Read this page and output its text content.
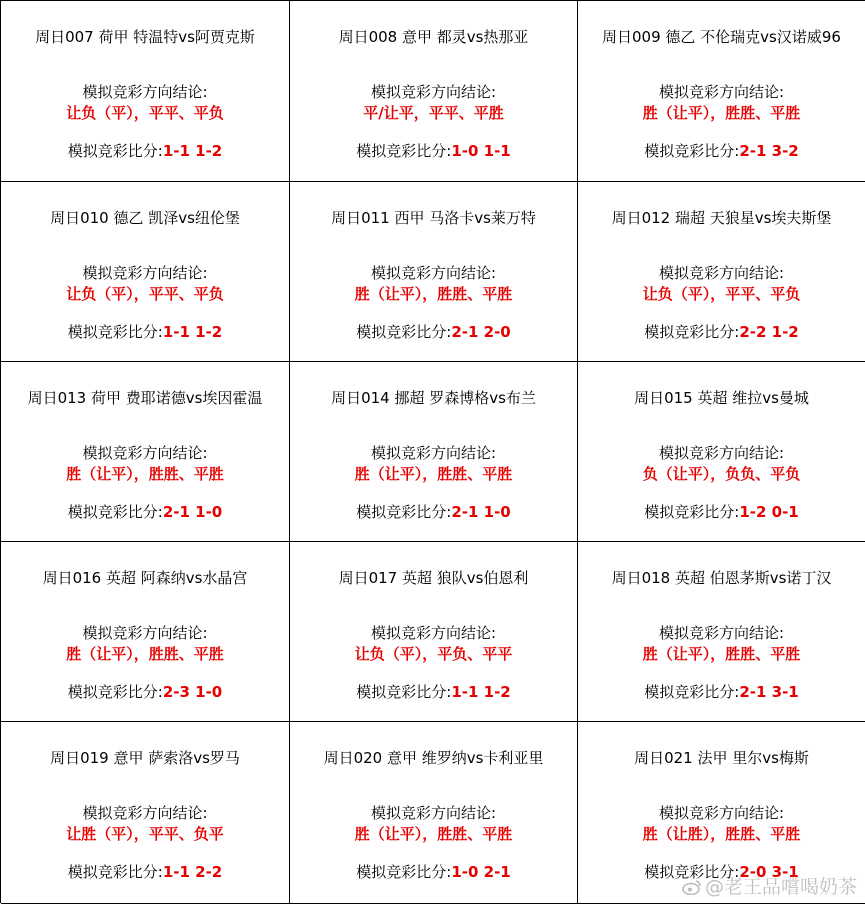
周日007 荷甲 特温特vs阿贾克斯
模拟竞彩方向结论:
让负（平），平平、平负
模拟竞彩比分:1-1 1-2
周日008 意甲 都灵vs热那亚
模拟竞彩方向结论:
平/让平，平平、平胜
模拟竞彩比分:1-0 1-1
周日009 德乙 不伦瑞克vs汉诺威96
模拟竞彩方向结论:
胜（让平），胜胜、平胜
模拟竞彩比分:2-1 3-2
周日010 德乙 凯泽vs纽伦堡
模拟竞彩方向结论:
让负（平），平平、平负
模拟竞彩比分:1-1 1-2
周日011 西甲 马洛卡vs莱万特
模拟竞彩方向结论:
胜（让平），胜胜、平胜
模拟竞彩比分:2-1 2-0
周日012 瑞超 天狼星vs埃夫斯堡
模拟竞彩方向结论:
让负（平），平平、平负
模拟竞彩比分:2-2 1-2
周日013 荷甲 费耶诺德vs埃因霍温
模拟竞彩方向结论:
胜（让平），胜胜、平胜
模拟竞彩比分:2-1 1-0
周日014 挪超 罗森博格vs布兰
模拟竞彩方向结论:
胜（让平），胜胜、平胜
模拟竞彩比分:2-1 1-0
周日015 英超 维拉vs曼城
模拟竞彩方向结论:
负（让平），负负、平负
模拟竞彩比分:1-2 0-1
周日016 英超 阿森纳vs水晶宫
模拟竞彩方向结论:
胜（让平），胜胜、平胜
模拟竞彩比分:2-3 1-0
周日017 英超 狼队vs伯恩利
模拟竞彩方向结论:
让负（平），平负、平平
模拟竞彩比分:1-1 1-2
周日018 英超 伯恩茅斯vs诺丁汉
模拟竞彩方向结论:
胜（让平），胜胜、平胜
模拟竞彩比分:2-1 3-1
周日019 意甲 萨索洛vs罗马
模拟竞彩方向结论:
让胜（平），平平、负平
模拟竞彩比分:1-1 2-2
周日020 意甲 维罗纳vs卡利亚里
模拟竞彩方向结论:
胜（让平），胜胜、平胜
模拟竞彩比分:1-0 2-1
周日021 法甲 里尔vs梅斯
模拟竞彩方向结论:
胜（让胜），胜胜、平胜
模拟竞彩比分:2-0 3-1
@老王品嚐喝奶茶
